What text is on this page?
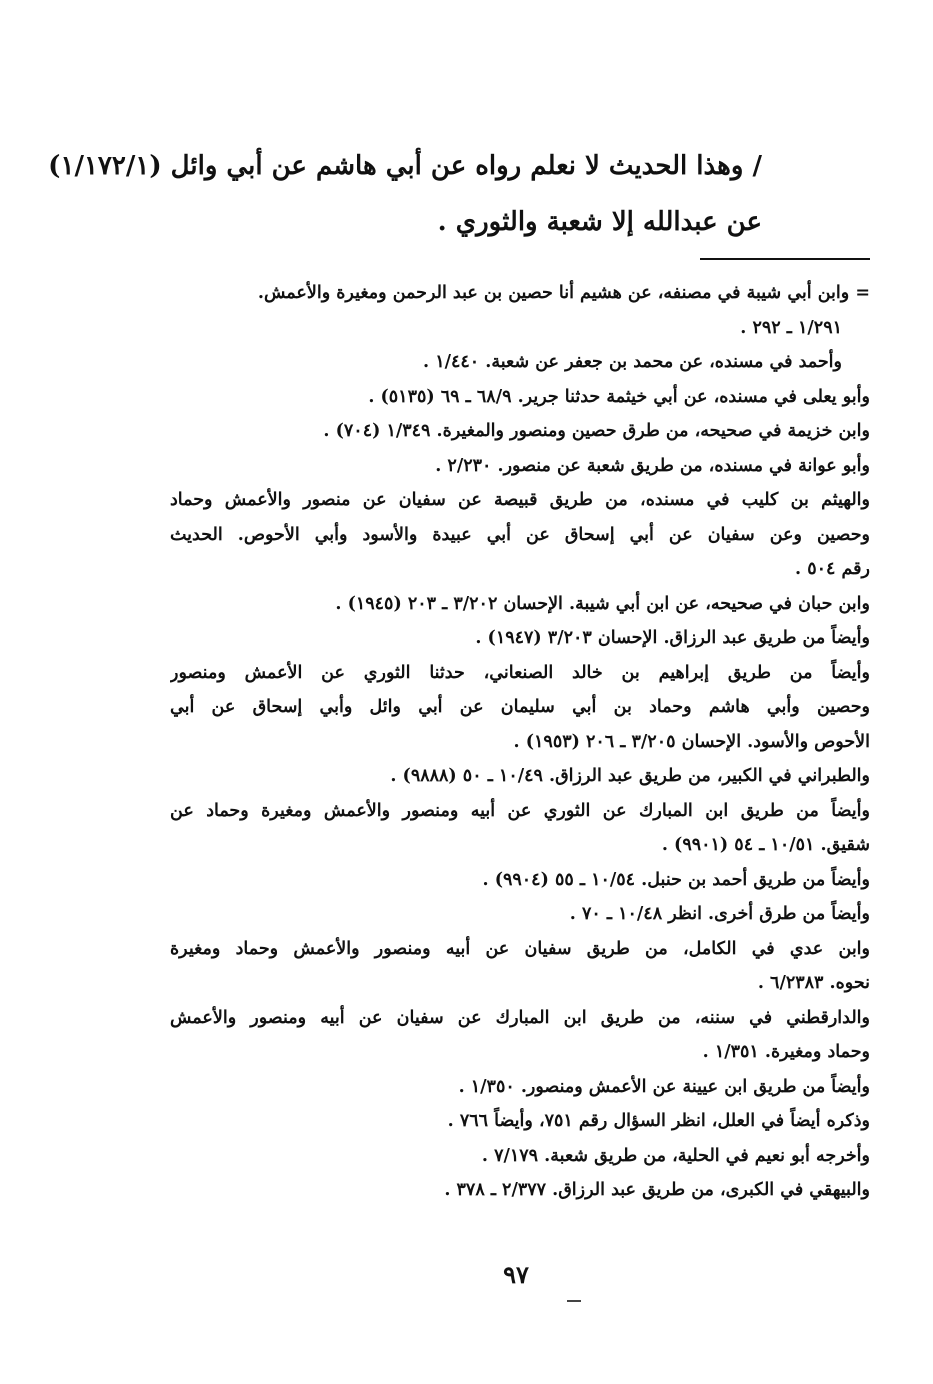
/ وهذا الحديث لا نعلم رواه عن أبي هاشم عن أبي وائل (١/١٧٢/١)
عن عبدالله إلا شعبة والثوري .
= وابن أبي شيبة في مصنفه، عن هشيم أنا حصين بن عبد الرحمن ومغيرة والأعمش.
١/٢٩١ ـ ٢٩٢ .
وأحمد في مسنده، عن محمد بن جعفر عن شعبة. ١/٤٤٠ .
وأبو يعلى في مسنده، عن أبي خيثمة حدثنا جرير. ٦٨/٩ ـ ٦٩ (٥١٣٥) .
وابن خزيمة في صحيحه، من طرق حصين ومنصور والمغيرة. ١/٣٤٩ (٧٠٤) .
وأبو عوانة في مسنده، من طريق شعبة عن منصور. ٢/٢٣٠ .
والهيثم بن كليب في مسنده، من طريق قبيصة عن سفيان عن منصور والأعمش وحماد
وحصين وعن سفيان عن أبي إسحاق عن أبي عبيدة والأسود وأبي الأحوص. الحديث
رقم ٥٠٤ .
وابن حبان في صحيحه، عن ابن أبي شيبة. الإحسان ٣/٢٠٢ ـ ٢٠٣ (١٩٤٥) .
وأيضاً من طريق عبد الرزاق. الإحسان ٣/٢٠٣ (١٩٤٧) .
وأيضاً من طريق إبراهيم بن خالد الصنعاني، حدثنا الثوري عن الأعمش ومنصور
وحصين وأبي هاشم وحماد بن أبي سليمان عن أبي وائل وأبي إسحاق عن أبي
الأحوص والأسود. الإحسان ٣/٢٠٥ ـ ٢٠٦ (١٩٥٣) .
والطبراني في الكبير، من طريق عبد الرزاق. ١٠/٤٩ ـ ٥٠ (٩٨٨٨) .
وأيضاً من طريق ابن المبارك عن الثوري عن أبيه ومنصور والأعمش ومغيرة وحماد عن
شقيق. ١٠/٥١ ـ ٥٤ (٩٩٠١) .
وأيضاً من طريق أحمد بن حنبل. ١٠/٥٤ ـ ٥٥ (٩٩٠٤) .
وأيضاً من طرق أخرى. انظر ١٠/٤٨ ـ ٧٠ .
وابن عدي في الكامل، من طريق سفيان عن أبيه ومنصور والأعمش وحماد ومغيرة
نحوه. ٦/٢٣٨٣ .
والدارقطني في سننه، من طريق ابن المبارك عن سفيان عن أبيه ومنصور والأعمش
وحماد ومغيرة. ١/٣٥١ .
وأيضاً من طريق ابن عيينة عن الأعمش ومنصور. ١/٣٥٠ .
وذكره أيضاً في العلل، انظر السؤال رقم ٧٥١، وأيضاً ٧٦٦ .
وأخرجه أبو نعيم في الحلية، من طريق شعبة. ٧/١٧٩ .
والبيهقي في الكبرى، من طريق عبد الرزاق. ٢/٣٧٧ ـ ٣٧٨ .
٩٧
